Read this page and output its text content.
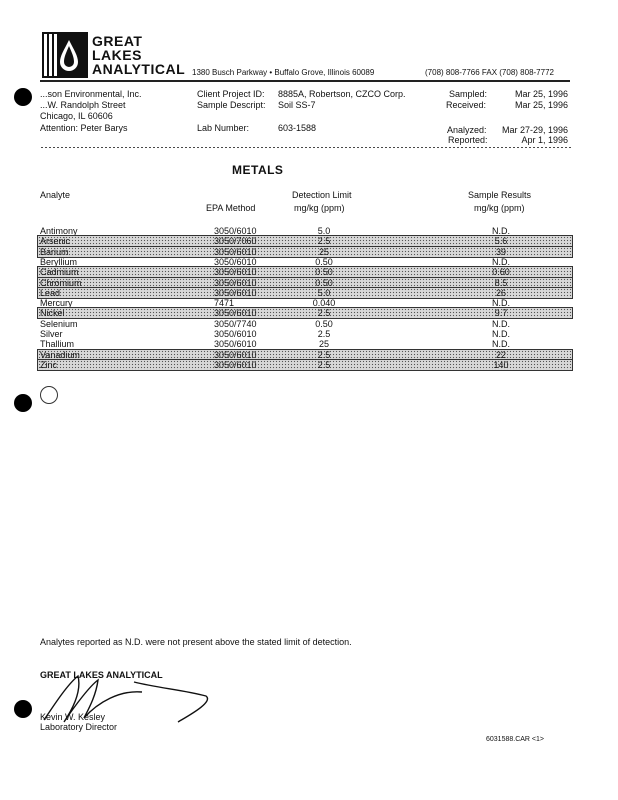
GREAT
LAKES
ANALYTICAL 1380 Busch Parkway • Buffalo Grove, Illinois 60089	(708) 808-7766 FAX (708) 808-7772
...son Environmental, Inc.
...W. Randolph Street
Chicago, IL 60606
Attention: Peter Barys
Client Project ID: 8885A, Robertson, CZCO Corp.
Sample Descript: Soil SS-7
Lab Number:	603-1588
Sampled:	Mar 25, 1996
Received:	Mar 25, 1996
Analyzed:	Mar 27-29, 1996
Reported:	Apr 1, 1996
METALS
Analyte
EPA Method
Detection Limit
mg/kg (ppm)
Sample Results
mg/kg (ppm)
Antimony	3050/6010	5.0	N.D.
Arsenic	3050/7060	2.5	5.6
Barium	3050/6010	25	39
Beryllium	3050/6010	0.50	N.D.
Cadmium	3050/6010	0.50	0.60
Chromium	3050/6010	0.50	8.5
Lead	3050/6010	5.0	26
Mercury	7471	0.040	N.D.
Nickel	3050/6010	2.5	9.7
Selenium	3050/7740	0.50	N.D.
Silver	3050/6010	2.5	N.D.
Thallium	3050/6010	25	N.D.
Vanadium	3050/6010	2.5	22
Zinc	3050/6010	2.5	140
Analytes reported as N.D. were not present above the stated limit of detection.
GREAT LAKES ANALYTICAL
Kevin W. Kesley
Laboratory Director
6031588.CAR <1>
